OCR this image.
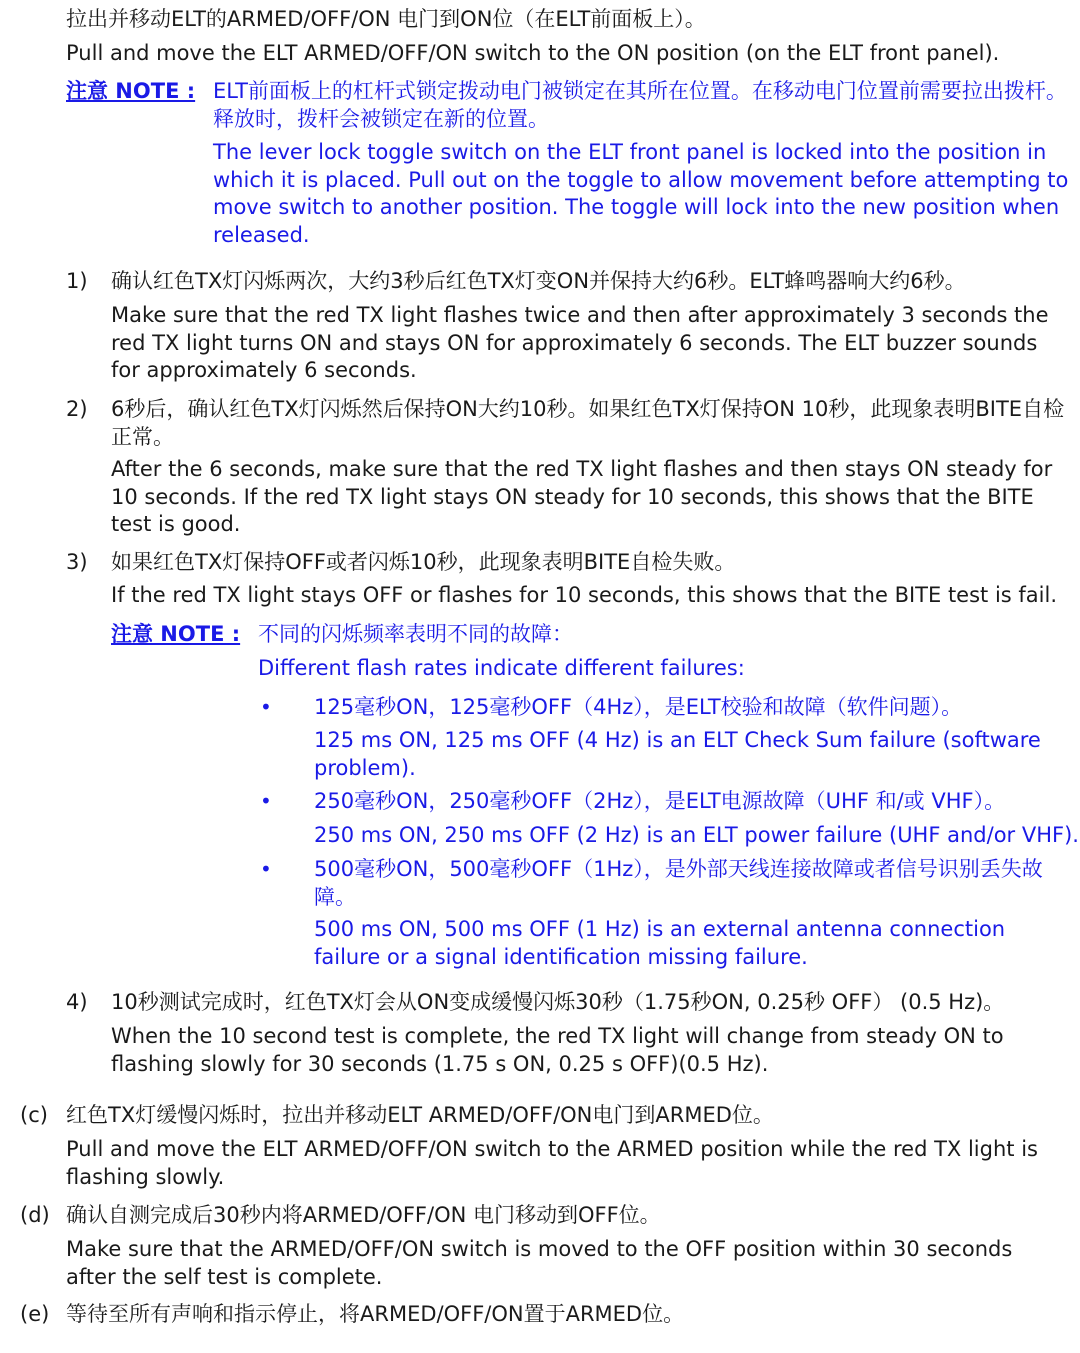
拉出并移动ELT的ARMED/OFF/ON 电门到ON位（在ELT前面板上）。
Pull and move the ELT ARMED/OFF/ON switch to the ON position (on the ELT front panel).
注意 NOTE : ELT前面板上的杠杆式锁定拨动电门被锁定在其所在位置。在移动电门位置前需要拉出拨杆。释放时，拨杆会被锁定在新的位置。
The lever lock toggle switch on the ELT front panel is locked into the position in which it is placed. Pull out on the toggle to allow movement before attempting to move switch to another position. The toggle will lock into the new position when released.
1) 确认红色TX灯闪烁两次，大约3秒后红色TX灯变ON并保持大约6秒。ELT蜂鸣器响大约6秒。
Make sure that the red TX light flashes twice and then after approximately 3 seconds the red TX light turns ON and stays ON for approximately 6 seconds. The ELT buzzer sounds for approximately 6 seconds.
2) 6秒后，确认红色TX灯闪烁然后保持ON大约10秒。如果红色TX灯保持ON 10秒，此现象表明BITE自检正常。
After the 6 seconds, make sure that the red TX light flashes and then stays ON steady for 10 seconds. If the red TX light stays ON steady for 10 seconds, this shows that the BITE test is good.
3) 如果红色TX灯保持OFF或者闪烁10秒，此现象表明BITE自检失败。
If the red TX light stays OFF or flashes for 10 seconds, this shows that the BITE test is fail.
注意 NOTE : 不同的闪烁频率表明不同的故障：
Different flash rates indicate different failures:
• 125毫秒ON，125毫秒OFF（4Hz），是ELT校验和故障（软件问题）。
125 ms ON, 125 ms OFF (4 Hz) is an ELT Check Sum failure (software problem).
• 250毫秒ON，250毫秒OFF（2Hz），是ELT电源故障（UHF 和/或 VHF）。
250 ms ON, 250 ms OFF (2 Hz) is an ELT power failure (UHF and/or VHF).
• 500毫秒ON，500毫秒OFF（1Hz），是外部天线连接故障或者信号识别丢失故障。
500 ms ON, 500 ms OFF (1 Hz) is an external antenna connection failure or a signal identification missing failure.
4) 10秒测试完成时，红色TX灯会从ON变成缓慢闪烁30秒（1.75秒ON, 0.25秒 OFF） (0.5 Hz)。
When the 10 second test is complete, the red TX light will change from steady ON to flashing slowly for 30 seconds (1.75 s ON, 0.25 s OFF)(0.5 Hz).
(c) 红色TX灯缓慢闪烁时，拉出并移动ELT ARMED/OFF/ON电门到ARMED位。
Pull and move the ELT ARMED/OFF/ON switch to the ARMED position while the red TX light is flashing slowly.
(d) 确认自测完成后30秒内将ARMED/OFF/ON 电门移动到OFF位。
Make sure that the ARMED/OFF/ON switch is moved to the OFF position within 30 seconds after the self test is complete.
(e) 等待至所有声响和指示停止，将ARMED/OFF/ON置于ARMED位。
